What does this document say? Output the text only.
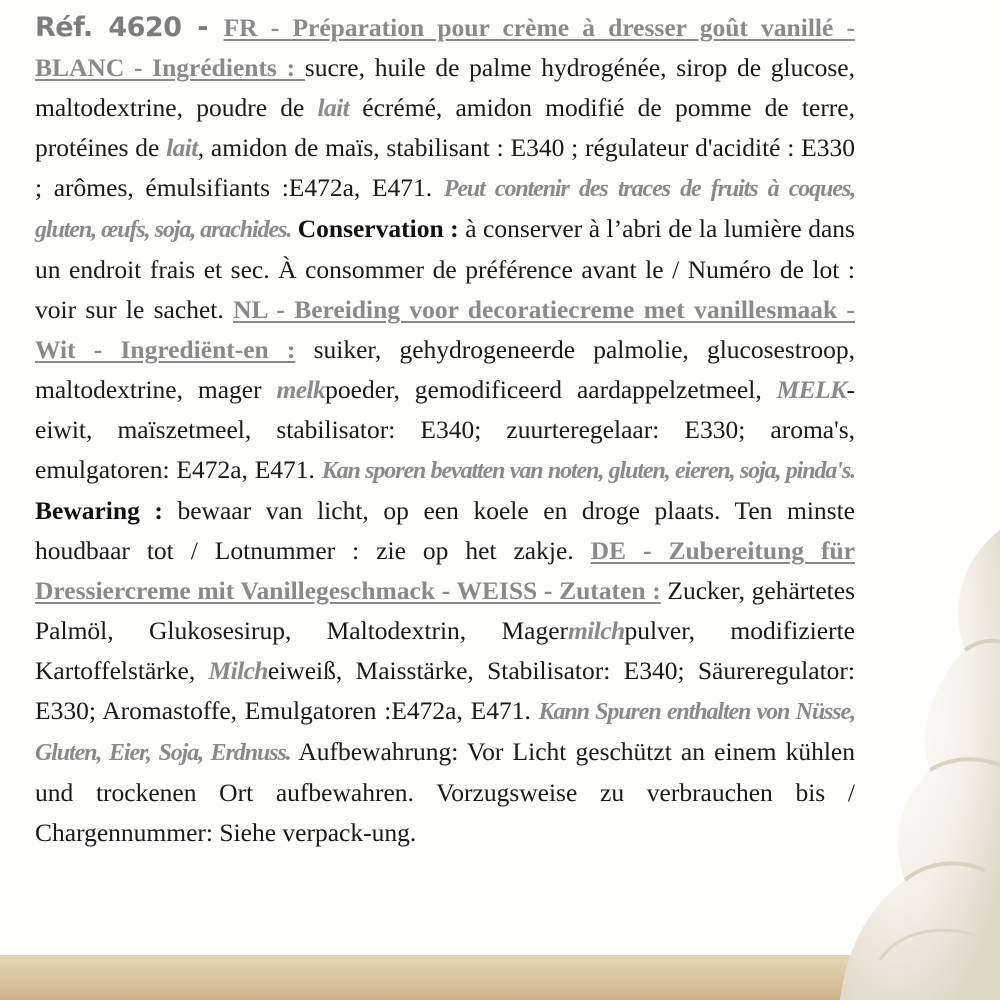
Réf. 4620 - FR - Préparation pour crème à dresser goût vanillé - BLANC - Ingrédients : sucre, huile de palme hydrogénée, sirop de glucose, maltodextrine, poudre de lait écrémé, amidon modifié de pomme de terre, protéines de lait, amidon de maïs, stabilisant : E340 ; régulateur d'acidité : E330 ; arômes, émulsifiants :E472a, E471. Peut contenir des traces de fruits à coques, gluten, œufs, soja, arachides. Conservation : à conserver à l’abri de la lumière dans un endroit frais et sec. À consommer de préférence avant le / Numéro de lot : voir sur le sachet. NL - Bereiding voor decoratiecreme met vanillesmaak - Wit - Ingrediënt-en : suiker, gehydrogeneerde palmolie, glucosestroop, maltodextrine, mager melkpoeder, gemodificeerd aardappelzetmeel, MELK-eiwit, maïszetmeel, stabilisator: E340; zuurteregelaar: E330; aroma's, emulgatoren: E472a, E471. Kan sporen bevatten van noten, gluten, eieren, soja, pinda's. Bewaring : bewaar van licht, op een koele en droge plaats. Ten minste houdbaar tot / Lotnummer : zie op het zakje. DE - Zubereitung für Dressiercreme mit Vanillegeschmack - WEISS - Zutaten : Zucker, gehärtetes Palmöl, Glukosesirup, Maltodextrin, Magermilchpulver, modifizierte Kartoffelstärke, Milcheiweiß, Maisstärke, Stabilisator: E340; Säureregulator: E330; Aromastoffe, Emulgatoren :E472a, E471. Kann Spuren enthalten von Nüsse, Gluten, Eier, Soja, Erdnuss. Aufbewahrung: Vor Licht geschützt an einem kühlen und trockenen Ort aufbewahren. Vorzugsweise zu verbrauchen bis / Chargennummer: Siehe verpack-ung.
